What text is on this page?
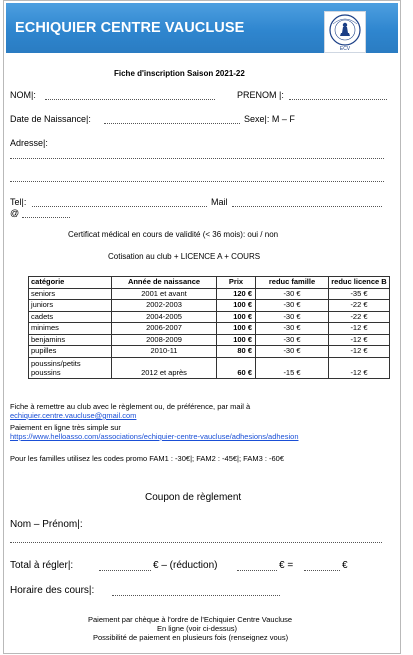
ECHIQUIER CENTRE VAUCLUSE
ECV
Fiche d'inscription Saison 2021-22
NOM|:	PRENOM |:
Date de Naissance|:	Sexe|: M – F
Adresse|:
Tel|:	Mail
@
Certificat médical en cours de validité (< 36 mois): oui / non
Cotisation au club + LICENCE A + COURS
catégorie	Année de naissance	Prix	reduc famille	reduc licence B
seniors	2001 et avant	120 €	-30 €	-35 €
juniors	2002-2003	100 €	-30 €	-22 €
cadets	2004-2005	100 €	-30 €	-22 €
minimes	2006-2007	100 €	-30 €	-12 €
benjamins	2008-2009	100 €	-30 €	-12 €
pupilles	2010-11	80 €	-30 €	-12 €
poussins/petits poussins	2012 et après	60 €	-15 €	-12 €
Fiche à remettre au club avec le règlement ou, de préférence, par mail à
echiquier.centre.vaucluse@gmail.com
Paiement en ligne très simple sur
https://www.helloasso.com/associations/echiquier-centre-vaucluse/adhesions/adhesion
Pour les familles utilisez les codes promo FAM1 : -30€|; FAM2 : -45€|; FAM3 : -60€
Coupon de règlement
Nom – Prénom|:
Total à régler|:	€ – (réduction)	€ =	€
Horaire des cours|:
Paiement par chèque à l'ordre de l'Echiquier Centre Vaucluse
En ligne (voir ci-dessus)
Possibilité de paiement en plusieurs fois (renseignez vous)
